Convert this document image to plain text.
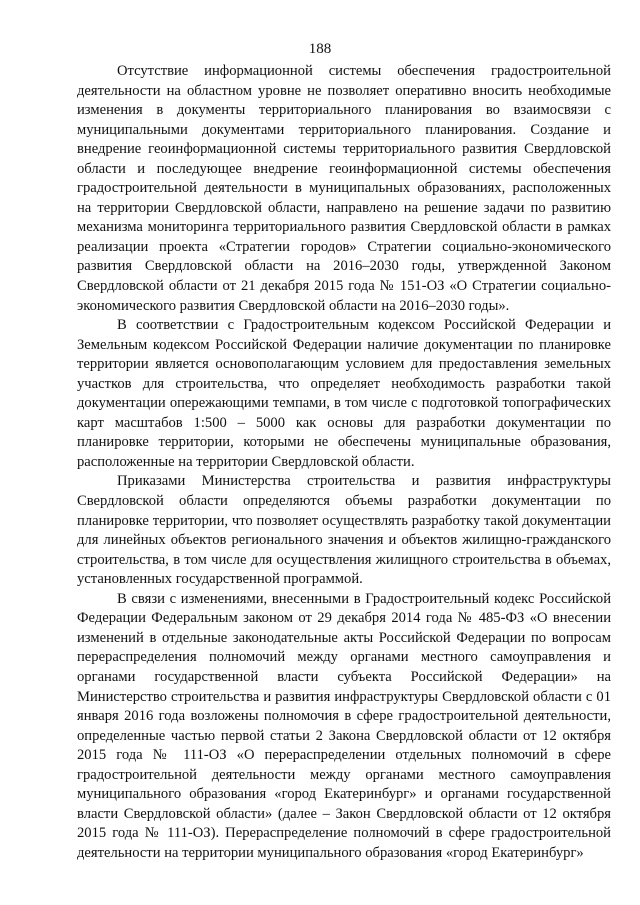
188

Отсутствие информационной системы обеспечения градостроительной деятельности на областном уровне не позволяет оперативно вносить необходимые изменения в документы территориального планирования во взаимосвязи с муниципальными документами территориального планирования. Создание и внедрение геоинформационной системы территориального развития Свердловской области и последующее внедрение геоинформационной системы обеспечения градостроительной деятельности в муниципальных образованиях, расположенных на территории Свердловской области, направлено на решение задачи по развитию механизма мониторинга территориального развития Свердловской области в рамках реализации проекта «Стратегии городов» Стратегии социально-экономического развития Свердловской области на 2016–2030 годы, утвержденной Законом Свердловской области от 21 декабря 2015 года № 151-ОЗ «О Стратегии социально-экономического развития Свердловской области на 2016–2030 годы».

В соответствии с Градостроительным кодексом Российской Федерации и Земельным кодексом Российской Федерации наличие документации по планировке территории является основополагающим условием для предоставления земельных участков для строительства, что определяет необходимость разработки такой документации опережающими темпами, в том числе с подготовкой топографических карт масштабов 1:500 – 5000 как основы для разработки документации по планировке территории, которыми не обеспечены муниципальные образования, расположенные на территории Свердловской области.

Приказами Министерства строительства и развития инфраструктуры Свердловской области определяются объемы разработки документации по планировке территории, что позволяет осуществлять разработку такой документации для линейных объектов регионального значения и объектов жилищно-гражданского строительства, в том числе для осуществления жилищного строительства в объемах, установленных государственной программой.

В связи с изменениями, внесенными в Градостроительный кодекс Российской Федерации Федеральным законом от 29 декабря 2014 года № 485-ФЗ «О внесении изменений в отдельные законодательные акты Российской Федерации по вопросам перераспределения полномочий между органами местного самоуправления и органами государственной власти субъекта Российской Федерации» на Министерство строительства и развития инфраструктуры Свердловской области с 01 января 2016 года возложены полномочия в сфере градостроительной деятельности, определенные частью первой статьи 2 Закона Свердловской области от 12 октября 2015 года № 111-ОЗ «О перераспределении отдельных полномочий в сфере градостроительной деятельности между органами местного самоуправления муниципального образования «город Екатеринбург» и органами государственной власти Свердловской области» (далее – Закон Свердловской области от 12 октября 2015 года № 111-ОЗ). Перераспределение полномочий в сфере градостроительной деятельности на территории муниципального образования «город Екатеринбург»
